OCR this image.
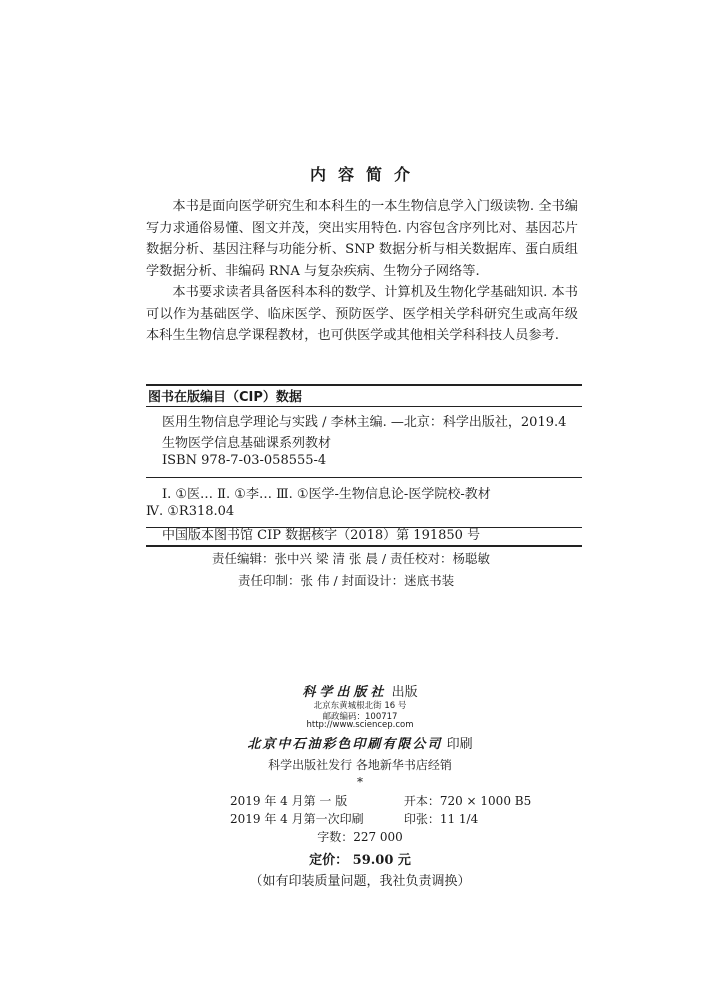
内容简介

本书是面向医学研究生和本科生的一本生物信息学入门级读物. 全书编写力求通俗易懂、图文并茂，突出实用特色. 内容包含序列比对、基因芯片数据分析、基因注释与功能分析、SNP 数据分析与相关数据库、蛋白质组学数据分析、非编码 RNA 与复杂疾病、生物分子网络等.

本书要求读者具备医科本科的数学、计算机及生物化学基础知识. 本书可以作为基础医学、临床医学、预防医学、医学相关学科研究生或高年级本科生生物信息学课程教材，也可供医学或其他相关学科科技人员参考.

图书在版编目（CIP）数据
医用生物信息学理论与实践 / 李林主编. —北京：科学出版社，2019.4
生物医学信息基础课系列教材
ISBN 978-7-03-058555-4
Ⅰ. ①医… Ⅱ. ①李… Ⅲ. ①医学-生物信息论-医学院校-教材
Ⅳ. ①R318.04
中国版本图书馆 CIP 数据核字（2018）第 191850 号
责任编辑：张中兴 梁 清 张 晨 / 责任校对：杨聪敏
责任印制：张 伟 / 封面设计：迷底书装
科学出版社 出版
北京东黄城根北街 16 号
邮政编码：100717
http://www.sciencep.com
北京中石油彩色印刷有限公司 印刷
科学出版社发行 各地新华书店经销
*
2019 年 4 月第 一 版	开本：720 × 1000 B5
2019 年 4 月第一次印刷	印张：11 1/4
字数：227 000
定价： 59.00 元
（如有印装质量问题，我社负责调换）
